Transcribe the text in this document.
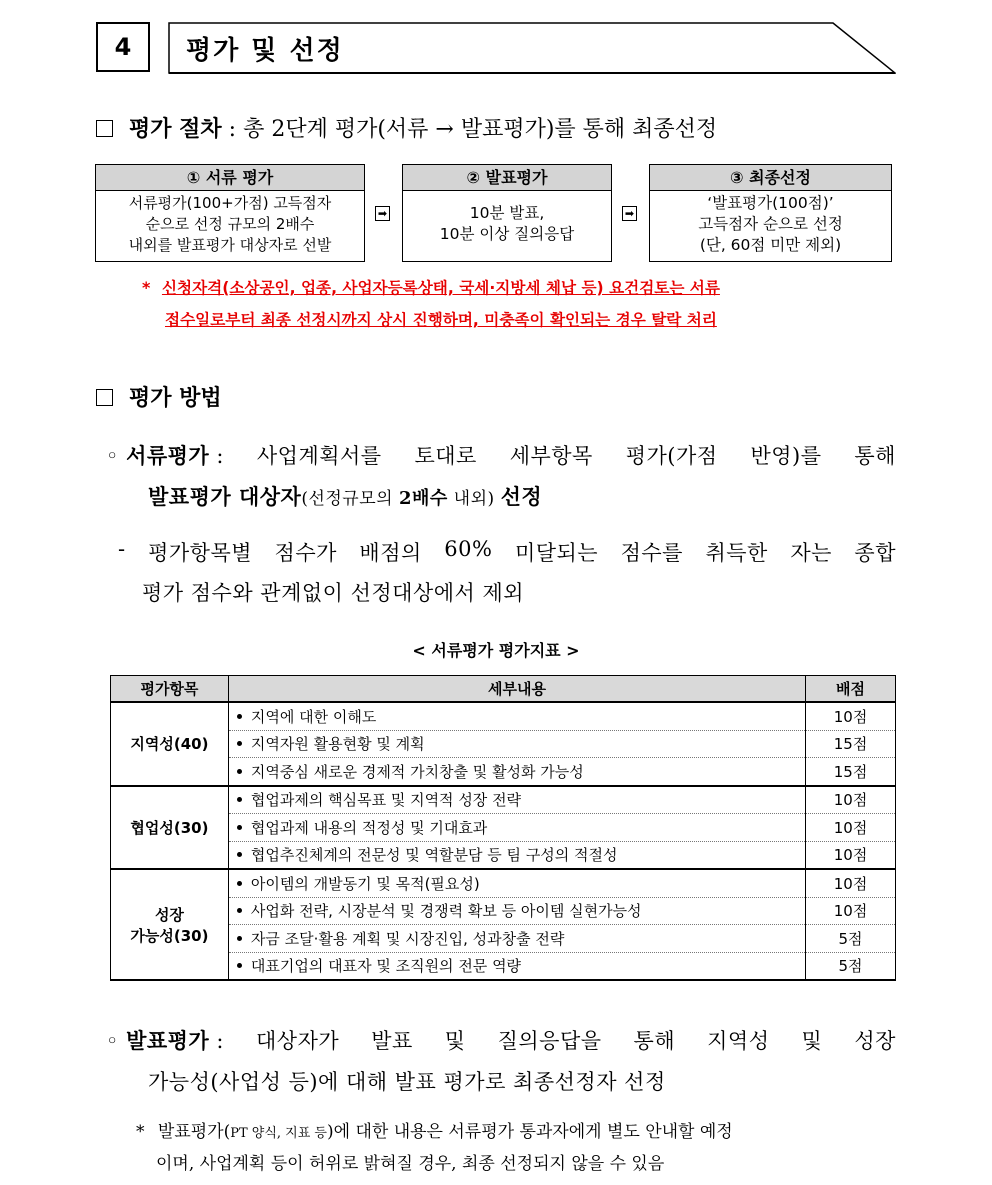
4	평가 및 선정
평가 절차 : 총 2단계 평가(서류 → 발표평가)를 통해 최종선정
① 서류 평가
서류평가(100+가점) 고득점자
순으로 선정 규모의 2배수
내외를 발표평가 대상자로 선발
➡
② 발표평가
10분 발표,
10분 이상 질의응답
➡
③ 최종선정
‘발표평가(100점)’
고득점자 순으로 선정
(단, 60점 미만 제외)
* 신청자격(소상공인, 업종, 사업자등록상태, 국세·지방세 체납 등) 요건검토는 서류
접수일로부터 최종 선정시까지 상시 진행하며, 미충족이 확인되는 경우 탈락 처리
평가 방법
◦ 서류평가 : 사업계획서를 토대로 세부항목 평가(가점 반영)를 통해
발표평가 대상자(선정규모의 2배수 내외) 선정
- 평가항목별 점수가 배점의 60% 미달되는 점수를 취득한 자는 종합
평가 점수와 관계없이 선정대상에서 제외
< 서류평가 평가지표 >
평가항목	세부내용	배점
지역성(40)	지역에 대한 이해도	10점
	지역자원 활용현황 및 계획	15점
	지역중심 새로운 경제적 가치창출 및 활성화 가능성	15점
협업성(30)	협업과제의 핵심목표 및 지역적 성장 전략	10점
	협업과제 내용의 적정성 및 기대효과	10점
	협업추진체계의 전문성 및 역할분담 등 팀 구성의 적절성	10점

성장
가능성(30)	아이템의 개발동기 및 목적(필요성)	10점
	사업화 전략, 시장분석 및 경쟁력 확보 등 아이템 실현가능성	10점
	자금 조달·활용 계획 및 시장진입, 성과창출 전략	5점
	대표기업의 대표자 및 조직원의 전문 역량	5점
◦ 발표평가 : 대상자가 발표 및 질의응답을 통해 지역성 및 성장
가능성(사업성 등)에 대해 발표 평가로 최종선정자 선정
* 발표평가(PT 양식, 지표 등)에 대한 내용은 서류평가 통과자에게 별도 안내할 예정
이며, 사업계획 등이 허위로 밝혀질 경우, 최종 선정되지 않을 수 있음
